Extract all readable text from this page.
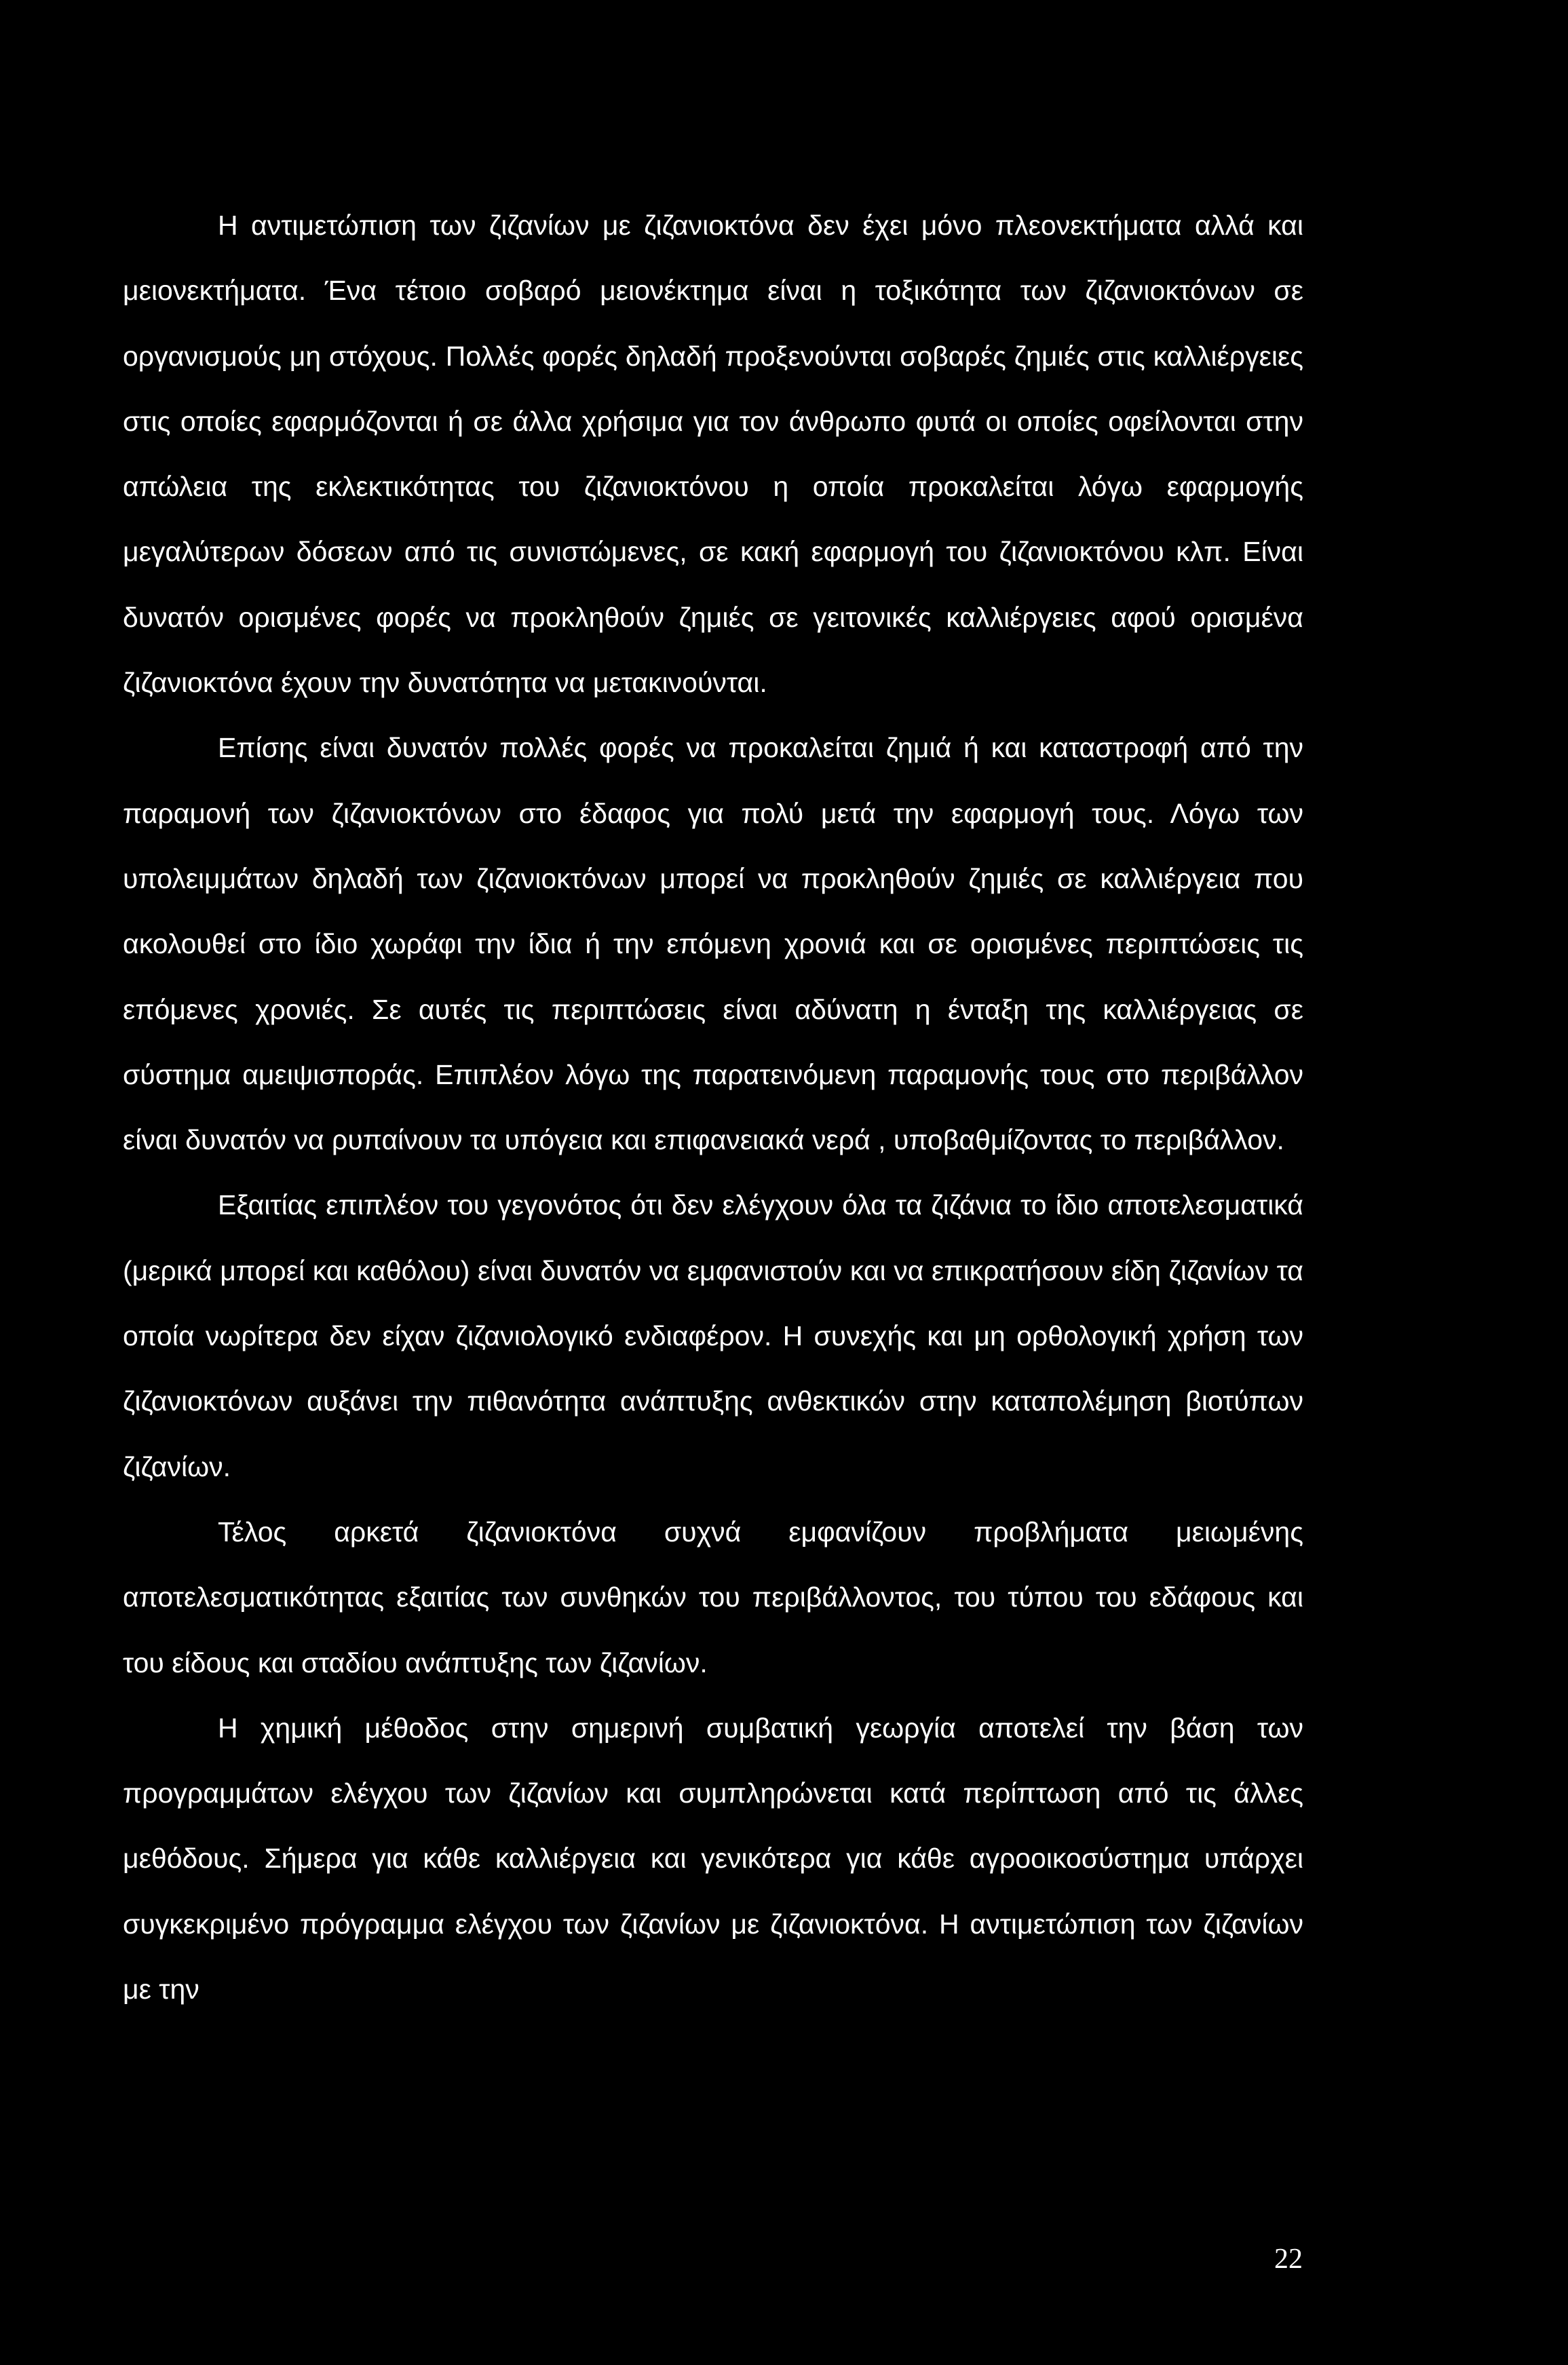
Η αντιμετώπιση των ζιζανίων με ζιζανιοκτόνα δεν έχει μόνο πλεονεκτήματα αλλά και μειονεκτήματα. Ένα τέτοιο σοβαρό μειονέκτημα είναι η τοξικότητα των ζιζανιοκτόνων σε οργανισμούς μη στόχους. Πολλές φορές δηλαδή προξενούνται σοβαρές ζημιές στις καλλιέργειες στις οποίες εφαρμόζονται ή σε άλλα χρήσιμα για τον άνθρωπο φυτά οι οποίες οφείλονται στην απώλεια της εκλεκτικότητας του ζιζανιοκτόνου η οποία προκαλείται λόγω εφαρμογής μεγαλύτερων δόσεων από τις συνιστώμενες, σε κακή εφαρμογή του ζιζανιοκτόνου κλπ. Είναι δυνατόν ορισμένες φορές να προκληθούν ζημιές σε γειτονικές καλλιέργειες αφού ορισμένα ζιζανιοκτόνα έχουν την δυνατότητα να μετακινούνται.

Επίσης είναι δυνατόν πολλές φορές να προκαλείται ζημιά ή και καταστροφή από την παραμονή των ζιζανιοκτόνων στο έδαφος για πολύ μετά την εφαρμογή τους. Λόγω των υπολειμμάτων δηλαδή των ζιζανιοκτόνων μπορεί να προκληθούν ζημιές σε καλλιέργεια που ακολουθεί στο ίδιο χωράφι την ίδια ή την επόμενη χρονιά και σε ορισμένες περιπτώσεις τις επόμενες χρονιές. Σε αυτές τις περιπτώσεις είναι αδύνατη η ένταξη της καλλιέργειας σε σύστημα αμειψισποράς. Επιπλέον λόγω της παρατεινόμενη παραμονής τους στο περιβάλλον είναι δυνατόν να ρυπαίνουν τα υπόγεια και επιφανειακά νερά , υποβαθμίζοντας το περιβάλλον.

Εξαιτίας επιπλέον του γεγονότος ότι δεν ελέγχουν όλα τα ζιζάνια το ίδιο αποτελεσματικά (μερικά μπορεί και καθόλου) είναι δυνατόν να εμφανιστούν και να επικρατήσουν είδη ζιζανίων τα οποία νωρίτερα δεν είχαν ζιζανιολογικό ενδιαφέρον. Η συνεχής και μη ορθολογική χρήση των ζιζανιοκτόνων αυξάνει την πιθανότητα ανάπτυξης ανθεκτικών στην καταπολέμηση βιοτύπων ζιζανίων.

Τέλος αρκετά ζιζανιοκτόνα συχνά εμφανίζουν προβλήματα μειωμένης αποτελεσματικότητας εξαιτίας των συνθηκών του περιβάλλοντος, του τύπου του εδάφους και του είδους και σταδίου ανάπτυξης των ζιζανίων.

Η χημική μέθοδος στην σημερινή συμβατική γεωργία αποτελεί την βάση των προγραμμάτων ελέγχου των ζιζανίων και συμπληρώνεται κατά περίπτωση από τις άλλες μεθόδους. Σήμερα για κάθε καλλιέργεια και γενικότερα για κάθε αγροοικοσύστημα υπάρχει συγκεκριμένο πρόγραμμα ελέγχου των ζιζανίων με ζιζανιοκτόνα. Η αντιμετώπιση των ζιζανίων με την

22
